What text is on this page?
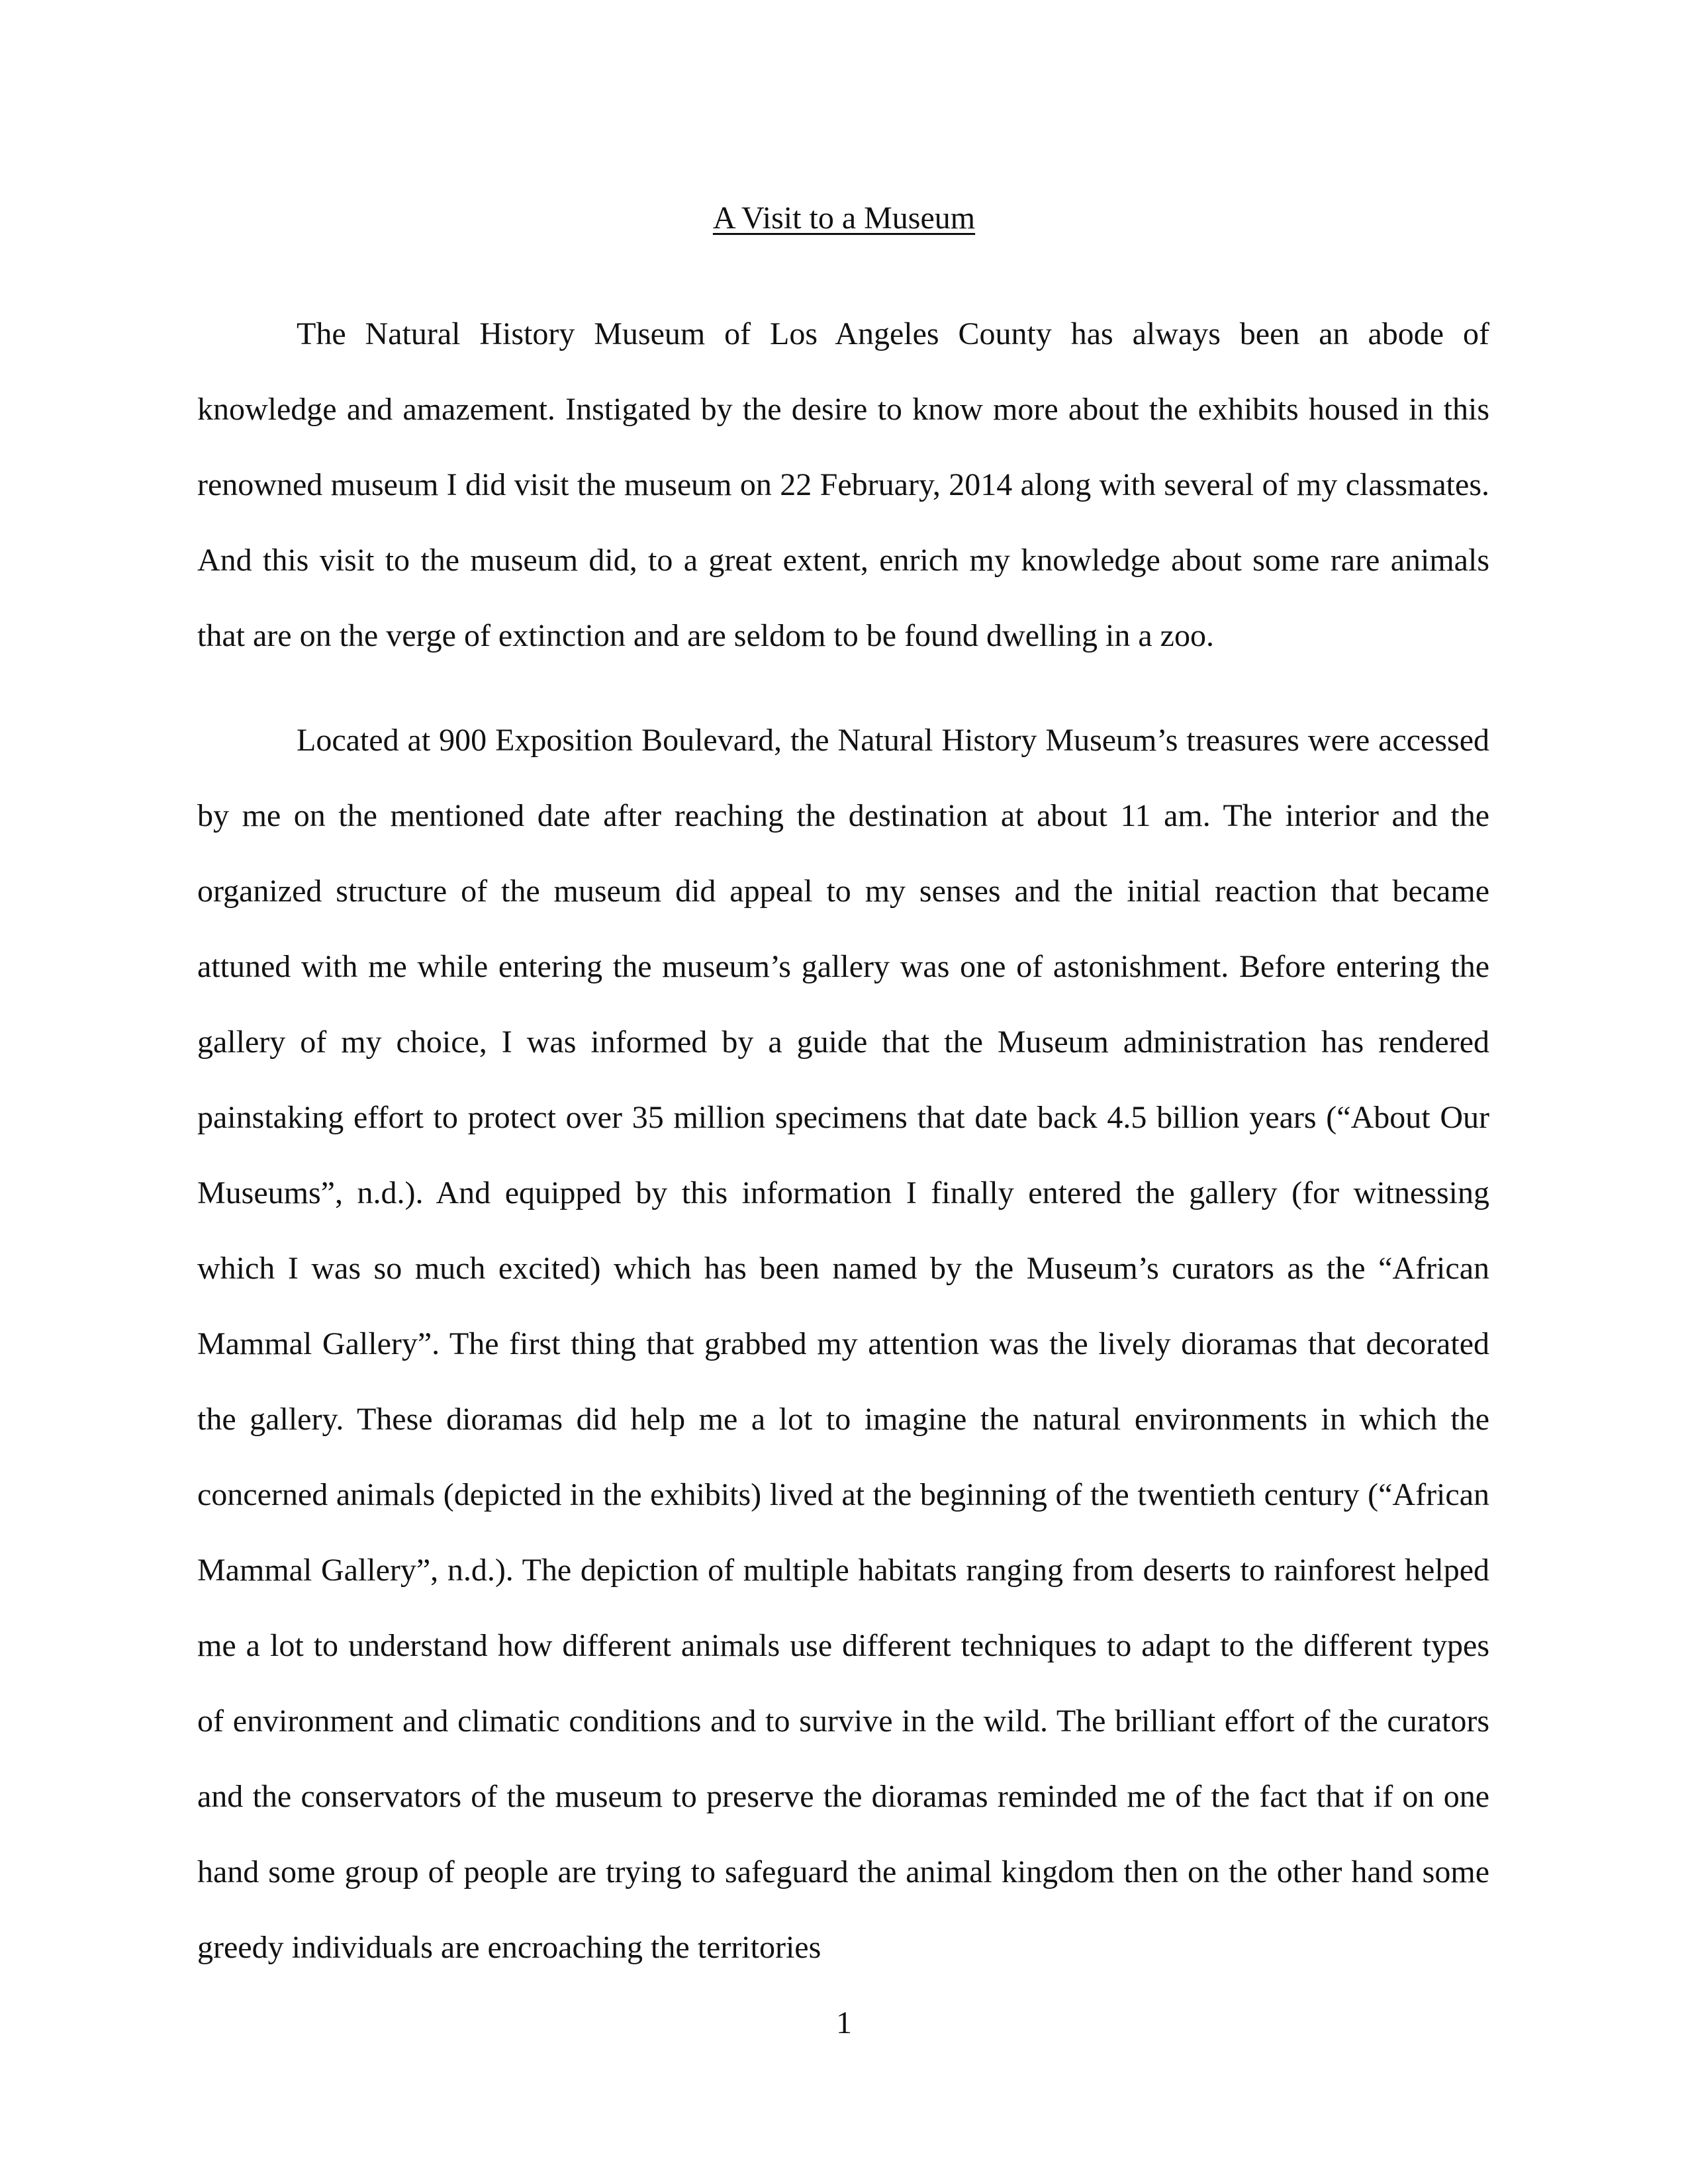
A Visit to a Museum

The Natural History Museum of Los Angeles County has always been an abode of knowledge and amazement. Instigated by the desire to know more about the exhibits housed in this renowned museum I did visit the museum on 22 February, 2014 along with several of my classmates. And this visit to the museum did, to a great extent, enrich my knowledge about some rare animals that are on the verge of extinction and are seldom to be found dwelling in a zoo.

Located at 900 Exposition Boulevard, the Natural History Museum’s treasures were accessed by me on the mentioned date after reaching the destination at about 11 am. The interior and the organized structure of the museum did appeal to my senses and the initial reaction that became attuned with me while entering the museum’s gallery was one of astonishment. Before entering the gallery of my choice, I was informed by a guide that the Museum administration has rendered painstaking effort to protect over 35 million specimens that date back 4.5 billion years (“About Our Museums”, n.d.). And equipped by this information I finally entered the gallery (for witnessing which I was so much excited) which has been named by the Museum’s curators as the “African Mammal Gallery”. The first thing that grabbed my attention was the lively dioramas that decorated the gallery. These dioramas did help me a lot to imagine the natural environments in which the concerned animals (depicted in the exhibits) lived at the beginning of the twentieth century (“African Mammal Gallery”, n.d.). The depiction of multiple habitats ranging from deserts to rainforest helped me a lot to understand how different animals use different techniques to adapt to the different types of environment and climatic conditions and to survive in the wild. The brilliant effort of the curators and the conservators of the museum to preserve the dioramas reminded me of the fact that if on one hand some group of people are trying to safeguard the animal kingdom then on the other hand some greedy individuals are encroaching the territories

1
